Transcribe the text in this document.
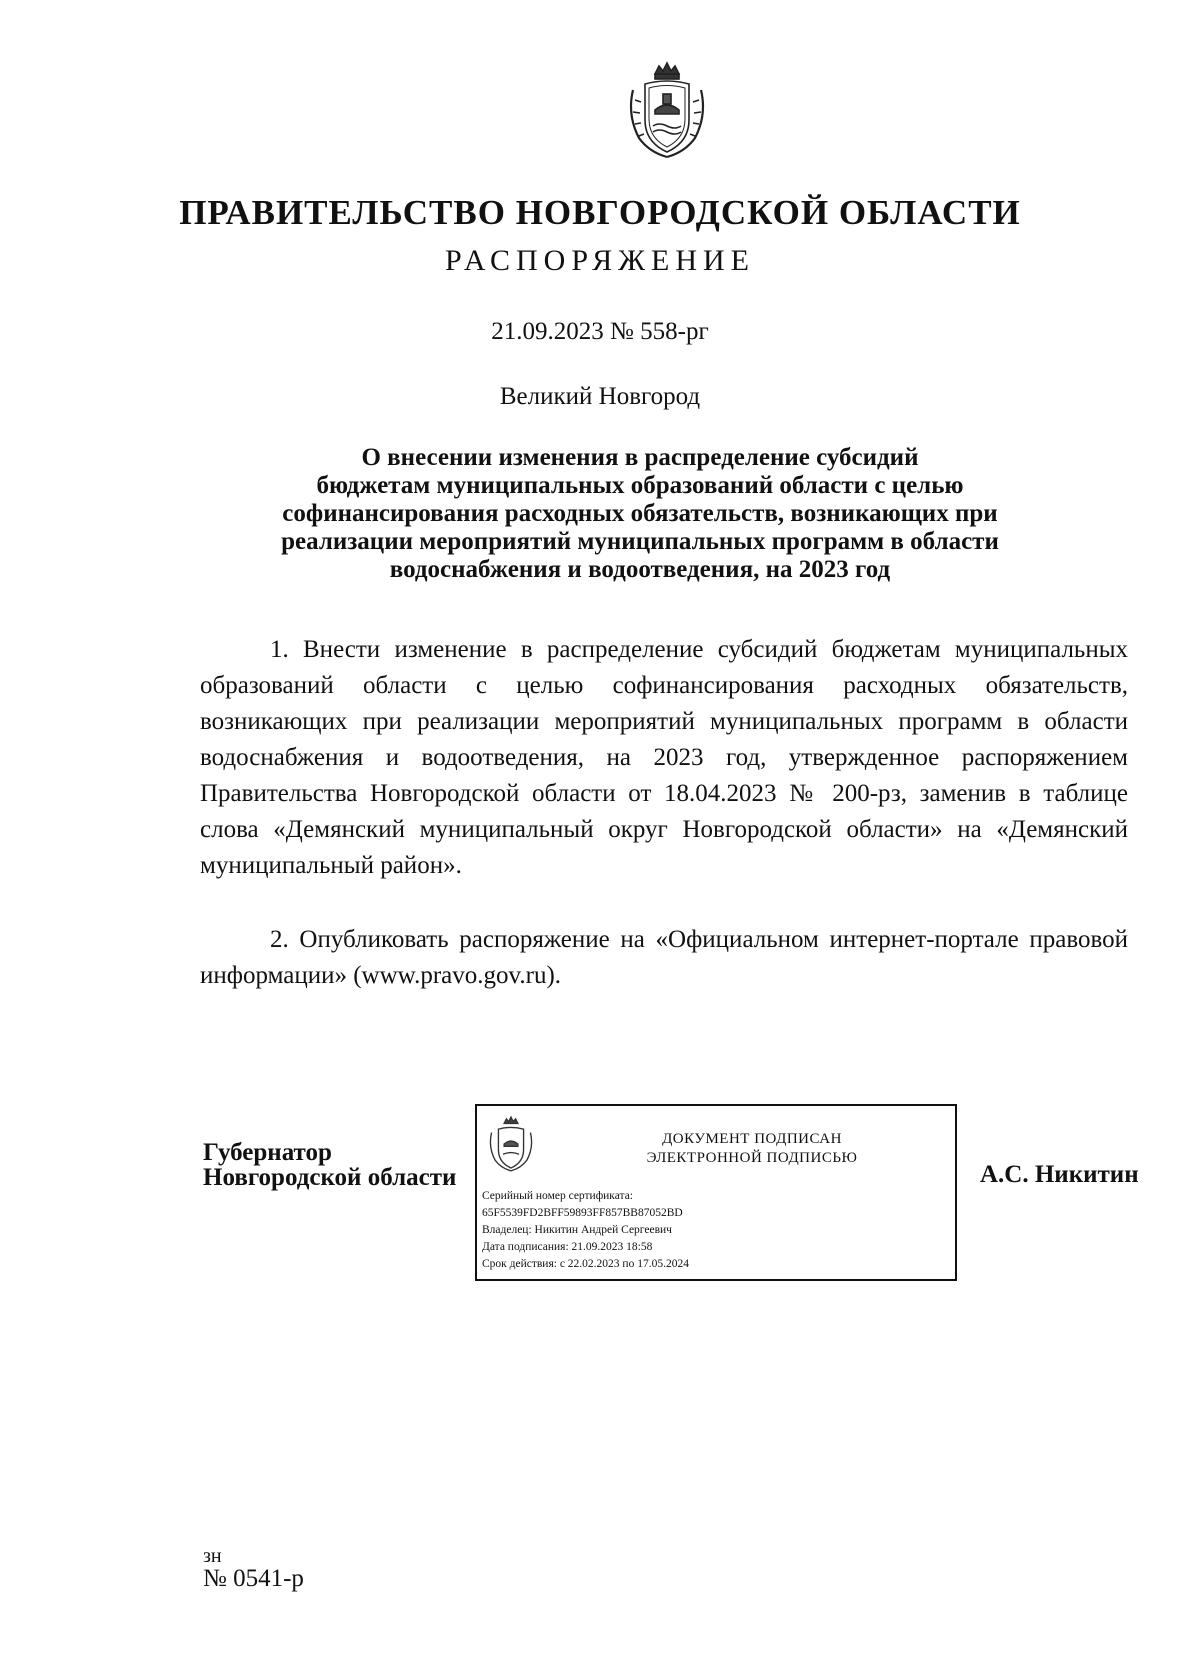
ПРАВИТЕЛЬСТВО НОВГОРОДСКОЙ ОБЛАСТИ
РАСПОРЯЖЕНИЕ
21.09.2023 № 558-рг
Великий Новгород
О внесении изменения в распределение субсидий
бюджетам муниципальных образований области с целью
софинансирования расходных обязательств, возникающих при
реализации мероприятий муниципальных программ в области
водоснабжения и водоотведения, на 2023 год
1. Внести изменение в распределение субсидий бюджетам муниципальных образований области с целью софинансирования расходных обязательств, возникающих при реализации мероприятий муниципальных программ в области водоснабжения и водоотведения, на 2023 год, утвержденное распоряжением Правительства Новгородской области от 18.04.2023 № 200-рз, заменив в таблице слова «Демянский муниципальный округ Новгородской области» на «Демянский муниципальный район».
2. Опубликовать распоряжение на «Официальном интернет-портале правовой информации» (www.pravo.gov.ru).
Губернатор
Новгородской области
ДОКУМЕНТ ПОДПИСАН
ЭЛЕКТРОННОЙ ПОДПИСЬЮ
Серийный номер сертификата:
65F5539FD2BFF59893FF857BB87052BD
Владелец: Никитин Андрей Сергеевич
Дата подписания: 21.09.2023 18:58
Срок действия: с 22.02.2023 по 17.05.2024
А.С. Никитин
зн
№ 0541-р
